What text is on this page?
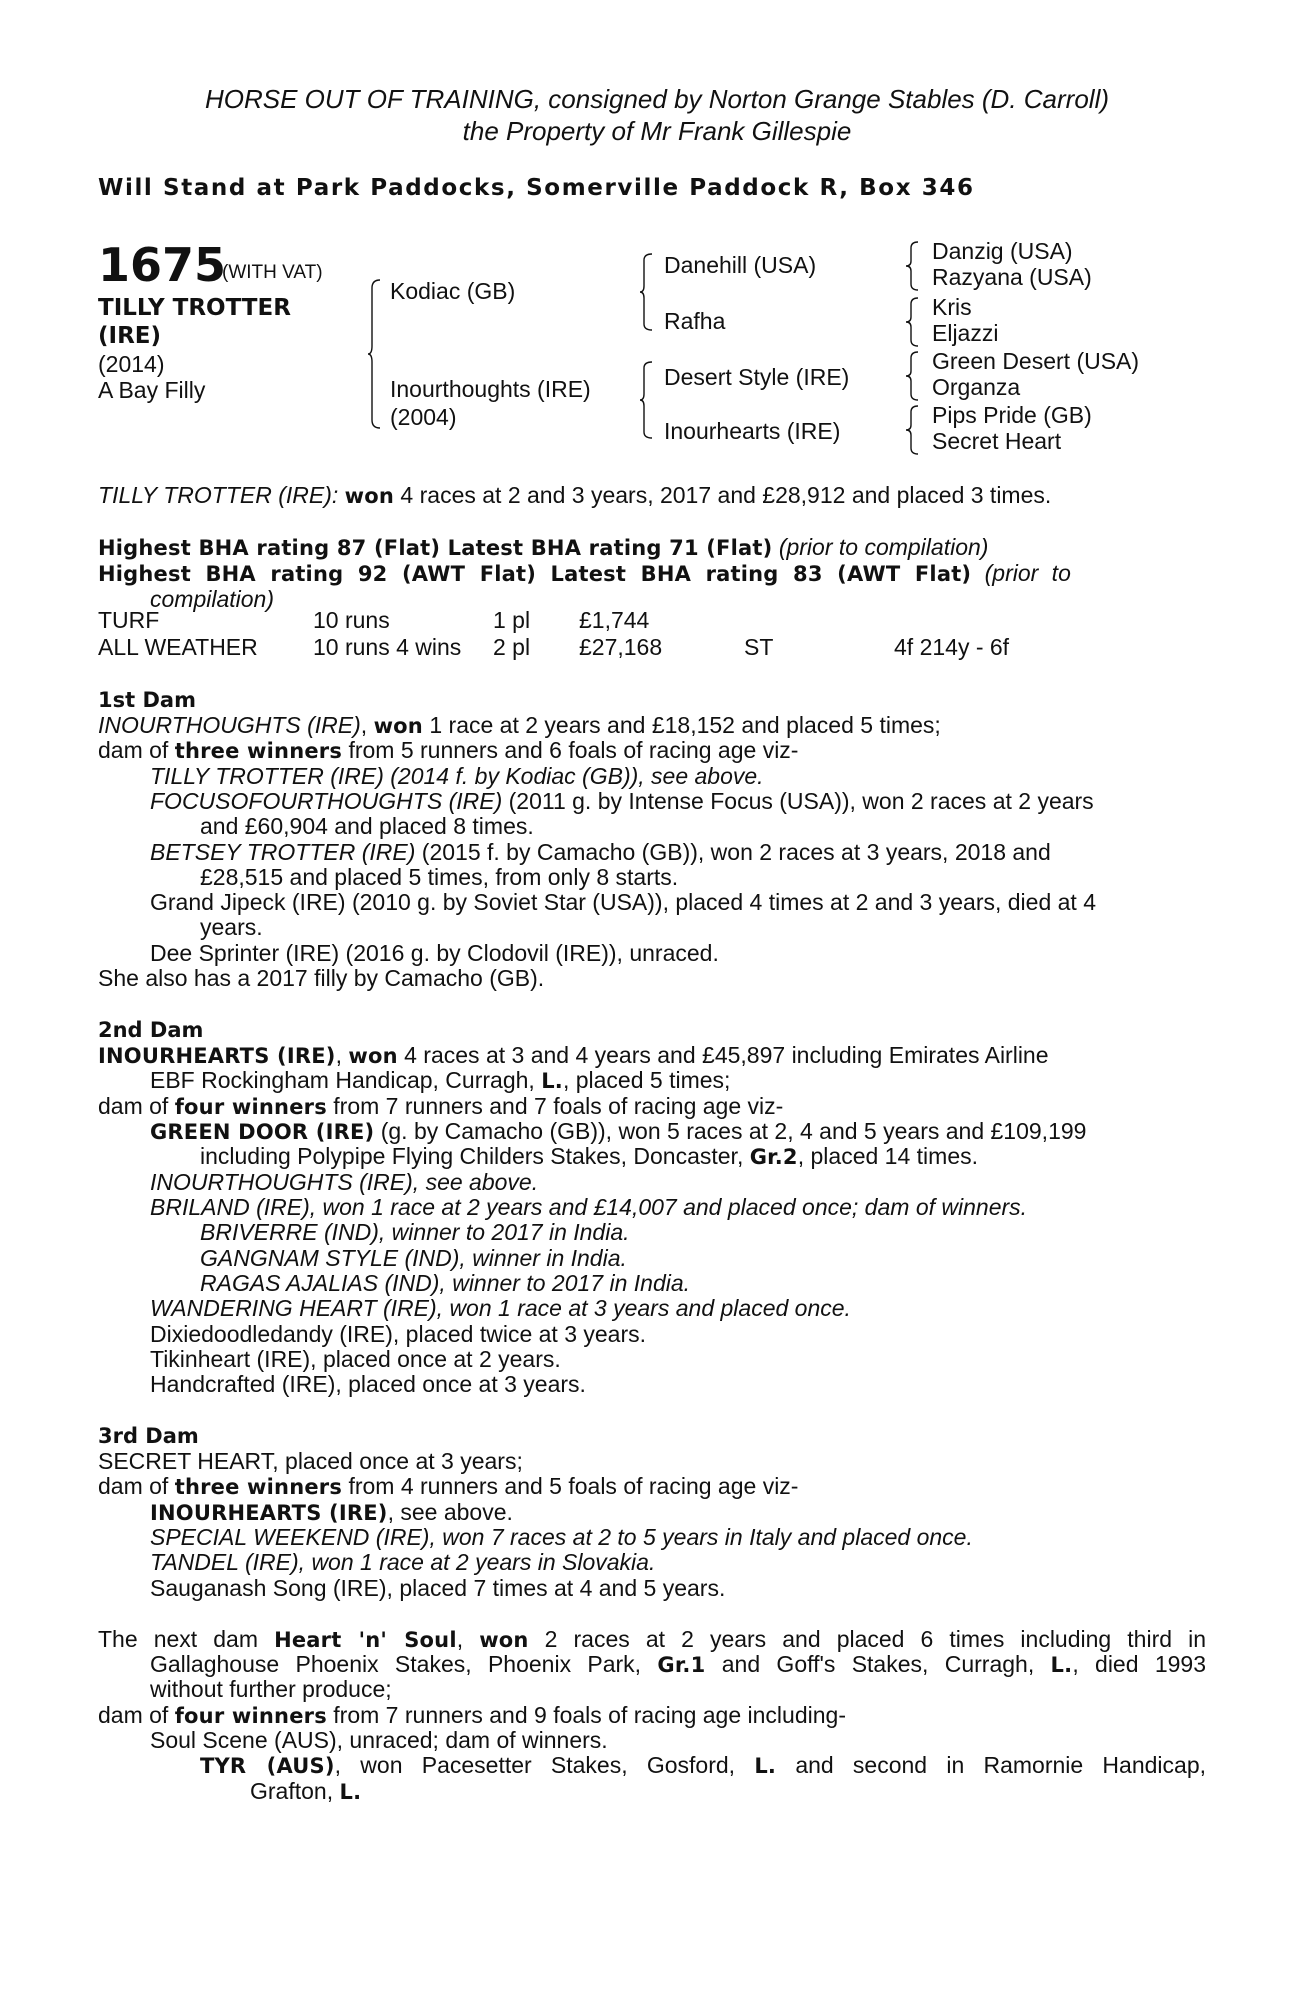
HORSE OUT OF TRAINING, consigned by Norton Grange Stables (D. Carroll)
the Property of Mr Frank Gillespie
Will Stand at Park Paddocks, Somerville Paddock R, Box 346
1675
(WITH VAT)
TILLY TROTTER
(IRE)
(2014)
A Bay Filly
Kodiac (GB)
Inourthoughts (IRE)
(2004)
Danehill (USA)
Rafha
Desert Style (IRE)
Inourhearts (IRE)
Danzig (USA)
Razyana (USA)
Kris
Eljazzi
Green Desert (USA)
Organza
Pips Pride (GB)
Secret Heart
TILLY TROTTER (IRE): won 4 races at 2 and 3 years, 2017 and £28,912 and placed 3 times.
Highest BHA rating 87 (Flat) Latest BHA rating 71 (Flat) (prior to compilation)
Highest BHA rating 92 (AWT Flat) Latest BHA rating 83 (AWT Flat) (prior to
compilation)
TURF	10 runs	1 pl	£1,744		
ALL WEATHER	10 runs 4 wins	2 pl	£27,168	ST	4f 214y - 6f
1st Dam
INOURTHOUGHTS (IRE), won 1 race at 2 years and £18,152 and placed 5 times;
dam of three winners from 5 runners and 6 foals of racing age viz-
TILLY TROTTER (IRE) (2014 f. by Kodiac (GB)), see above.
FOCUSOFOURTHOUGHTS (IRE) (2011 g. by Intense Focus (USA)), won 2 races at 2 years
and £60,904 and placed 8 times.
BETSEY TROTTER (IRE) (2015 f. by Camacho (GB)), won 2 races at 3 years, 2018 and
£28,515 and placed 5 times, from only 8 starts.
Grand Jipeck (IRE) (2010 g. by Soviet Star (USA)), placed 4 times at 2 and 3 years, died at 4
years.
Dee Sprinter (IRE) (2016 g. by Clodovil (IRE)), unraced.
She also has a 2017 filly by Camacho (GB).
2nd Dam
INOURHEARTS (IRE), won 4 races at 3 and 4 years and £45,897 including Emirates Airline
EBF Rockingham Handicap, Curragh, L., placed 5 times;
dam of four winners from 7 runners and 7 foals of racing age viz-
GREEN DOOR (IRE) (g. by Camacho (GB)), won 5 races at 2, 4 and 5 years and £109,199
including Polypipe Flying Childers Stakes, Doncaster, Gr.2, placed 14 times.
INOURTHOUGHTS (IRE), see above.
BRILAND (IRE), won 1 race at 2 years and £14,007 and placed once; dam of winners.
BRIVERRE (IND), winner to 2017 in India.
GANGNAM STYLE (IND), winner in India.
RAGAS AJALIAS (IND), winner to 2017 in India.
WANDERING HEART (IRE), won 1 race at 3 years and placed once.
Dixiedoodledandy (IRE), placed twice at 3 years.
Tikinheart (IRE), placed once at 2 years.
Handcrafted (IRE), placed once at 3 years.
3rd Dam
SECRET HEART, placed once at 3 years;
dam of three winners from 4 runners and 5 foals of racing age viz-
INOURHEARTS (IRE), see above.
SPECIAL WEEKEND (IRE), won 7 races at 2 to 5 years in Italy and placed once.
TANDEL (IRE), won 1 race at 2 years in Slovakia.
Sauganash Song (IRE), placed 7 times at 4 and 5 years.
The next dam Heart 'n' Soul, won 2 races at 2 years and placed 6 times including third in
Gallaghouse Phoenix Stakes, Phoenix Park, Gr.1 and Goff's Stakes, Curragh, L., died 1993
without further produce;
dam of four winners from 7 runners and 9 foals of racing age including-
Soul Scene (AUS), unraced; dam of winners.
TYR (AUS), won Pacesetter Stakes, Gosford, L. and second in Ramornie Handicap,
Grafton, L.
